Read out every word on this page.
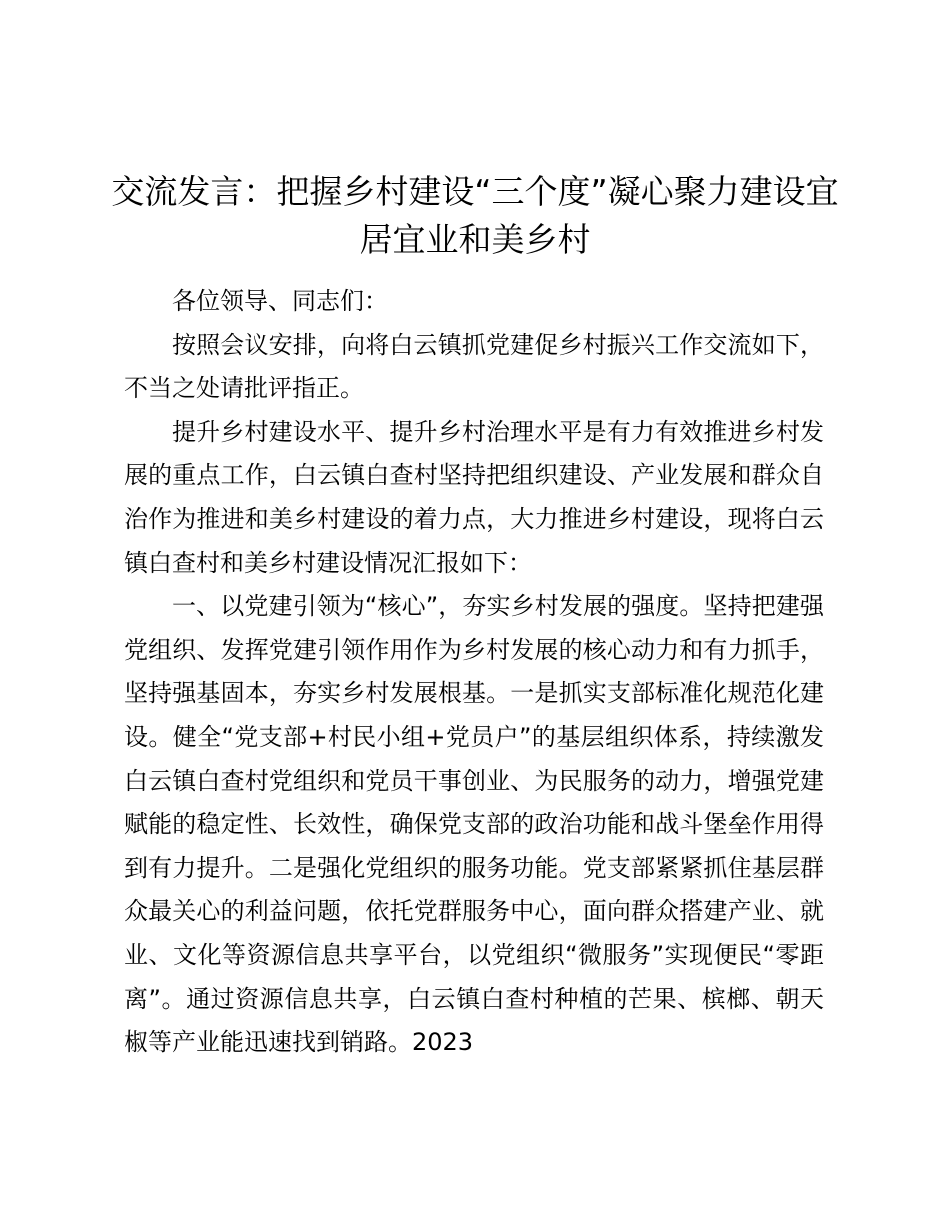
交流发言：把握乡村建设“三个度”凝心聚力建设宜居宜业和美乡村

各位领导、同志们：

按照会议安排，向将白云镇抓党建促乡村振兴工作交流如下，不当之处请批评指正。

提升乡村建设水平、提升乡村治理水平是有力有效推进乡村发展的重点工作，白云镇白查村坚持把组织建设、产业发展和群众自治作为推进和美乡村建设的着力点，大力推进乡村建设，现将白云镇白查村和美乡村建设情况汇报如下：

一、以党建引领为“核心”，夯实乡村发展的强度。坚持把建强党组织、发挥党建引领作用作为乡村发展的核心动力和有力抓手，坚持强基固本，夯实乡村发展根基。一是抓实支部标准化规范化建设。健全“党支部+村民小组+党员户”的基层组织体系，持续激发白云镇白查村党组织和党员干事创业、为民服务的动力，增强党建赋能的稳定性、长效性，确保党支部的政治功能和战斗堡垒作用得到有力提升。二是强化党组织的服务功能。党支部紧紧抓住基层群众最关心的利益问题，依托党群服务中心，面向群众搭建产业、就业、文化等资源信息共享平台，以党组织“微服务”实现便民“零距离”。通过资源信息共享，白云镇白查村种植的芒果、槟榔、朝天椒等产业能迅速找到销路。2023
